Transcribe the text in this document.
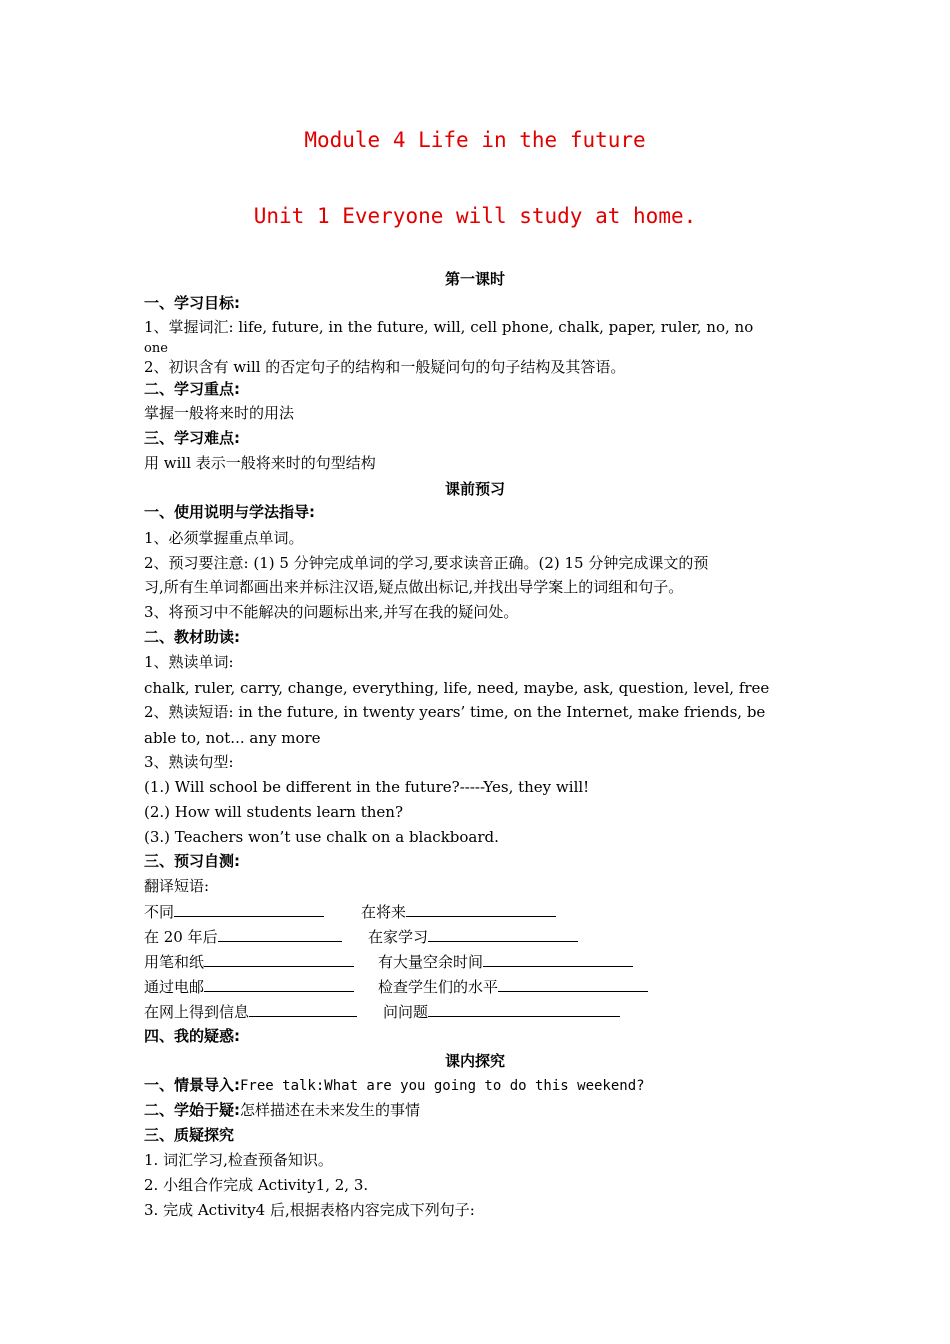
Module 4 Life in the future
Unit 1 Everyone will study at home.
第一课时
一、学习目标:
1、掌握词汇: life, future, in the future, will, cell phone, chalk, paper, ruler, no, no
one
2、初识含有 will 的否定句子的结构和一般疑问句的句子结构及其答语。
二、学习重点:
掌握一般将来时的用法
三、学习难点:
用 will 表示一般将来时的句型结构
课前预习
一、使用说明与学法指导:
1、必须掌握重点单词。
2、预习要注意: (1) 5 分钟完成单词的学习,要求读音正确。(2) 15 分钟完成课文的预
习,所有生单词都画出来并标注汉语,疑点做出标记,并找出导学案上的词组和句子。
3、将预习中不能解决的问题标出来,并写在我的疑问处。
二、教材助读:
1、熟读单词:
chalk, ruler, carry, change, everything, life, need, maybe, ask, question, level, free
2、熟读短语: in the future, in twenty years’ time, on the Internet, make friends, be
able to, not... any more
3、熟读句型:
(1.) Will school be different in the future?-----Yes, they will!
(2.) How will students learn then?
(3.) Teachers won’t use chalk on a blackboard.
三、预习自测:
翻译短语:
不同	在将来
在 20 年后	在家学习
用笔和纸	有大量空余时间
通过电邮	检查学生们的水平
在网上得到信息	问问题
四、我的疑惑:
课内探究
一、情景导入:Free talk:What are you going to do this weekend?
二、学始于疑:怎样描述在未来发生的事情
三、质疑探究
1. 词汇学习,检查预备知识。
2. 小组合作完成 Activity1, 2, 3.
3. 完成 Activity4 后,根据表格内容完成下列句子:
